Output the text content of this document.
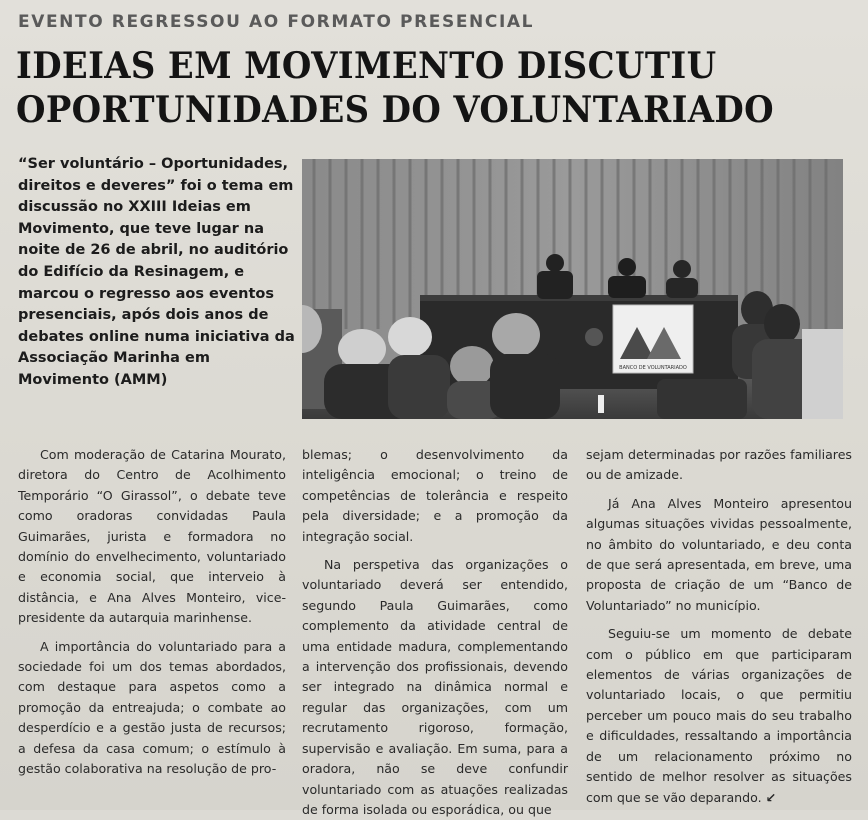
EVENTO REGRESSOU AO FORMATO PRESENCIAL
IDEIAS EM MOVIMENTO DISCUTIU
OPORTUNIDADES DO VOLUNTARIADO
“Ser voluntário – Oportunidades, direitos e deveres” foi o tema em discussão no XXIII Ideias em Movimento, que teve lugar na noite de 26 de abril, no auditório do Edifício da Resinagem, e marcou o regresso aos eventos presenciais, após dois anos de debates online numa iniciativa da Associação Marinha em Movimento (AMM)
BANCO DE VOLUNTARIADO

Com moderação de Catarina Mourato, diretora do Centro de Acolhimento Temporário “O Girassol”, o debate teve como oradoras convidadas Paula Guimarães, jurista e formadora no domínio do envelhecimento, voluntariado e economia social, que interveio à distância, e Ana Alves Monteiro, vice-presidente da autarquia marinhense.

A importância do voluntariado para a sociedade foi um dos temas abordados, com destaque para aspetos como a promoção da entreajuda; o combate ao desperdício e a gestão justa de recursos; a defesa da casa comum; o estímulo à gestão colaborativa na resolução de pro-

blemas; o desenvolvimento da inteligência emocional; o treino de competências de tolerância e respeito pela diversidade; e a promoção da integração social.

Na perspetiva das organizações o voluntariado deverá ser entendido, segundo Paula Guimarães, como complemento da atividade central de uma entidade madura, complementando a intervenção dos profissionais, devendo ser integrado na dinâmica normal e regular das organizações, com um recrutamento rigoroso, formação, supervisão e avaliação. Em suma, para a oradora, não se deve confundir voluntariado com as atuações realizadas de forma isolada ou esporádica, ou que

sejam determinadas por razões familiares ou de amizade.

Já Ana Alves Monteiro apresentou algumas situações vividas pessoalmente, no âmbito do voluntariado, e deu conta de que será apresentada, em breve, uma proposta de criação de um “Banco de Voluntariado” no município.

Seguiu-se um momento de debate com o público em que participaram elementos de várias organizações de voluntariado locais, o que permitiu perceber um pouco mais do seu trabalho e dificuldades, ressaltando a importância de um relacionamento próximo no sentido de melhor resolver as situações com que se vão deparando. ↙
